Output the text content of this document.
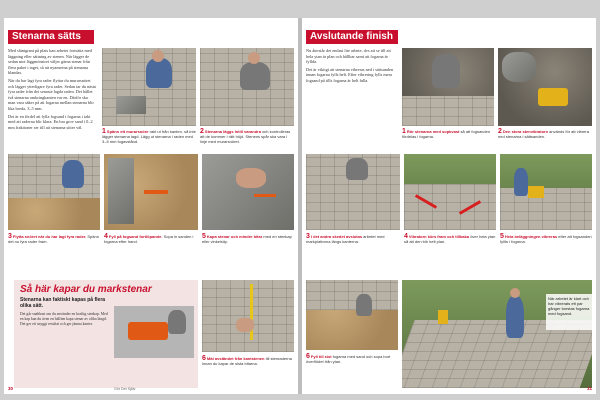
Stenarna sätts

Med släntgrant på plats kan arbetet fortsätta med läggning eller sättning av stenen. När lägger de sedan mot läggmönstret väljer gärna stenar från flera paket i taget, så att nyanserna på stenarna blandas.

När du har lagt fyra rader flyttar du murarsnöret och lägger ytterligare fyra rader. Sedan tar du nästa fyra rader från det senaste lagda raden. Det hållet två stenarna omkringkanten var en. Därför ska man vara säker på att fogarna mellan stenarna blir lika breda, 3–5 mm.

Det är en fördel att fylla fogsand i fogarna i takt med att raderna blir klara. En bra grov sand i 0–2 mm fraktioner ser till att stenarna sitter väl.

1Spänn ett murarsnöre rakt ut från kanten, så inte lägger stenarna lagd. Lägg ut stenarna i raden med 3–5 mm fogavstånd.
2Stenarna läggs intill varandra och kontrolleras att de kommer i rätt höjd. Stenens spår ska vara i linje med murarsnöret.
3Flytta snöret när du har lagt fyra rader. Spänn det nu fyra rader fram.
4Fyll på fogsand fortlöpande. Sopa in sanden i fogarna efter hand.
5Kapa stenar och mindre bitar med en stenkap eller vinkelslip.
Så här kapar du markstenar
Stenarna kan faktiskt kapas på flera olika sätt.
Det går snabbast om du använder en kraftig stenkap. Med en kap kan du även en hälften kapa stenar av olika längd. Det ger ett snyggt resultat och ger jämna kanter.
6Mät avståndet från kantstenen till stenraderna innan du kapar de sista bitarna.
30	Gör Det Själv
Avslutande finish

Nu återstår det endast lite arbete, dvs att se till att hela ytan är plan och hållbar samt att fogarna är fyllda.

Det är viktigt att stenarna vibreras ned i sättsanden innan fogarna fylls helt. Efter vibrering fylls mera fogsand på tills fogarna är helt fulla.

1Rör stenarna med sopkvast så att fogsanden fördelas i fogarna.
2Den stora stenvibratorn används för att vibrera ned stenarna i sättsanden.
3I det andra skedet avslutas arbetet med markplattorna längs kanterna.
4Vibratorn körs fram och tillbaka över hela ytan så att den blir helt plan.
5Hela beläggningen vibreras efter att fogsanden fyllts i fogarna.
6Fyll till sist fogarna med sand och sopa bort överflödet från ytan.
När arbetet är klart och har vibrerats ett par gånger borstas fogarna med fogsand.
31
